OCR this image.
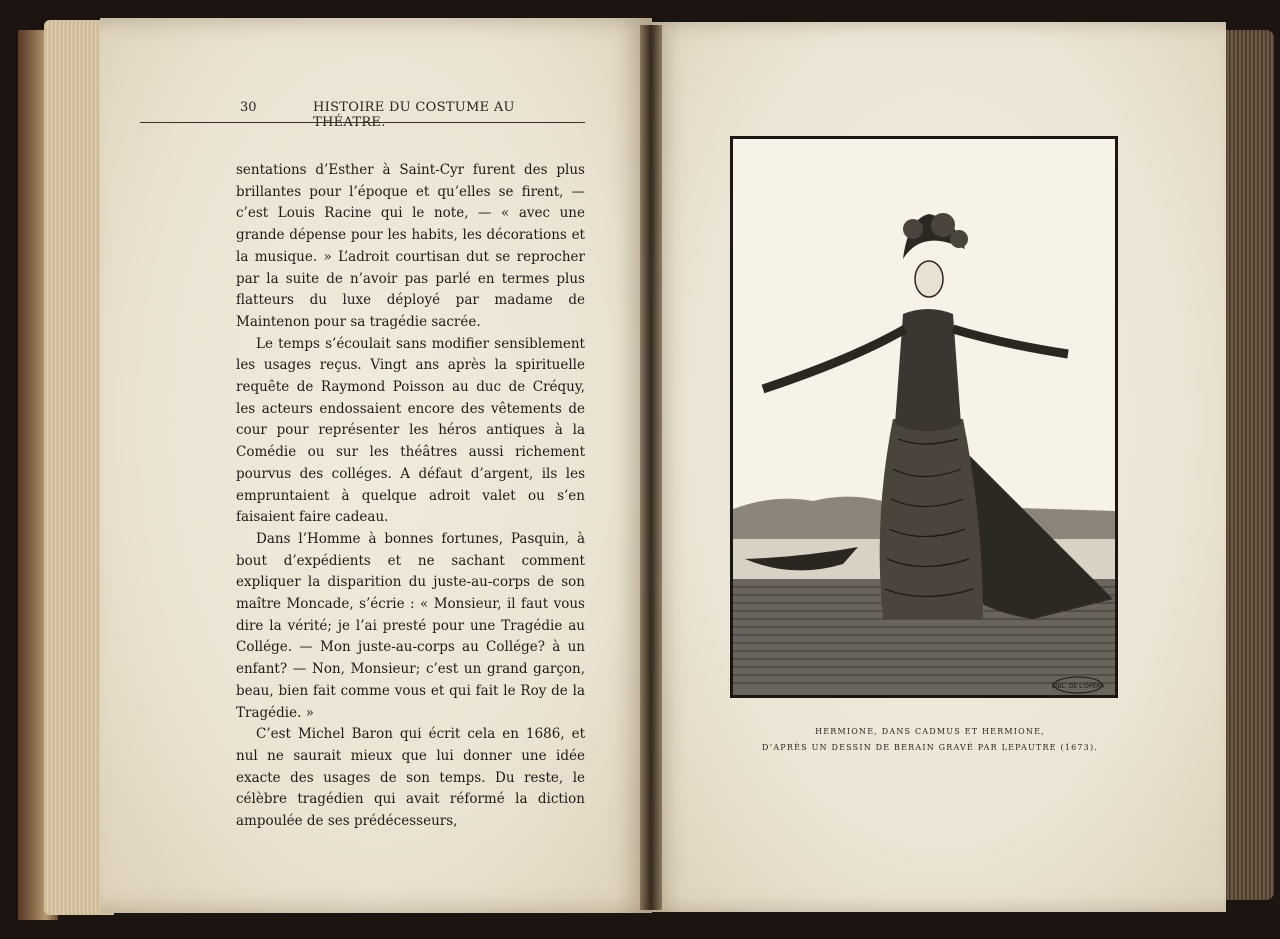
30	HISTOIRE DU COSTUME AU THÉATRE.

sentations d’Esther à Saint-Cyr furent des plus brillantes pour l’époque et qu’elles se firent, — c’est Louis Racine qui le note, — « avec une grande dépense pour les habits, les décorations et la musique. » L’adroit courtisan dut se reprocher par la suite de n’avoir pas parlé en termes plus flatteurs du luxe déployé par madame de Maintenon pour sa tragédie sacrée.

Le temps s’écoulait sans modifier sensiblement les usages reçus. Vingt ans après la spirituelle requête de Raymond Poisson au duc de Créquy, les acteurs endossaient encore des vêtements de cour pour représenter les héros antiques à la Comédie ou sur les théâtres aussi richement pourvus des colléges. A défaut d’argent, ils les empruntaient à quelque adroit valet ou s’en faisaient faire cadeau.

Dans l’Homme à bonnes fortunes, Pasquin, à bout d’expédients et ne sachant comment expliquer la disparition du juste-au-corps de son maître Moncade, s’écrie : « Monsieur, il faut vous dire la vérité; je l’ai presté pour une Tragédie au Collége. — Mon juste-au-corps au Collége? à un enfant? — Non, Monsieur; c’est un grand garçon, beau, bien fait comme vous et qui fait le Roy de la Tragédie. »

C’est Michel Baron qui écrit cela en 1686, et nul ne saurait mieux que lui donner une idée exacte des usages de son temps. Du reste, le célèbre tragédien qui avait réformé la diction ampoulée de ses prédécesseurs,

BIBL. DE L'OPÉRA
HERMIONE, DANS CADMUS ET HERMIONE,
D’APRÈS UN DESSIN DE BERAIN GRAVÉ PAR LEPAUTRE (1673).
